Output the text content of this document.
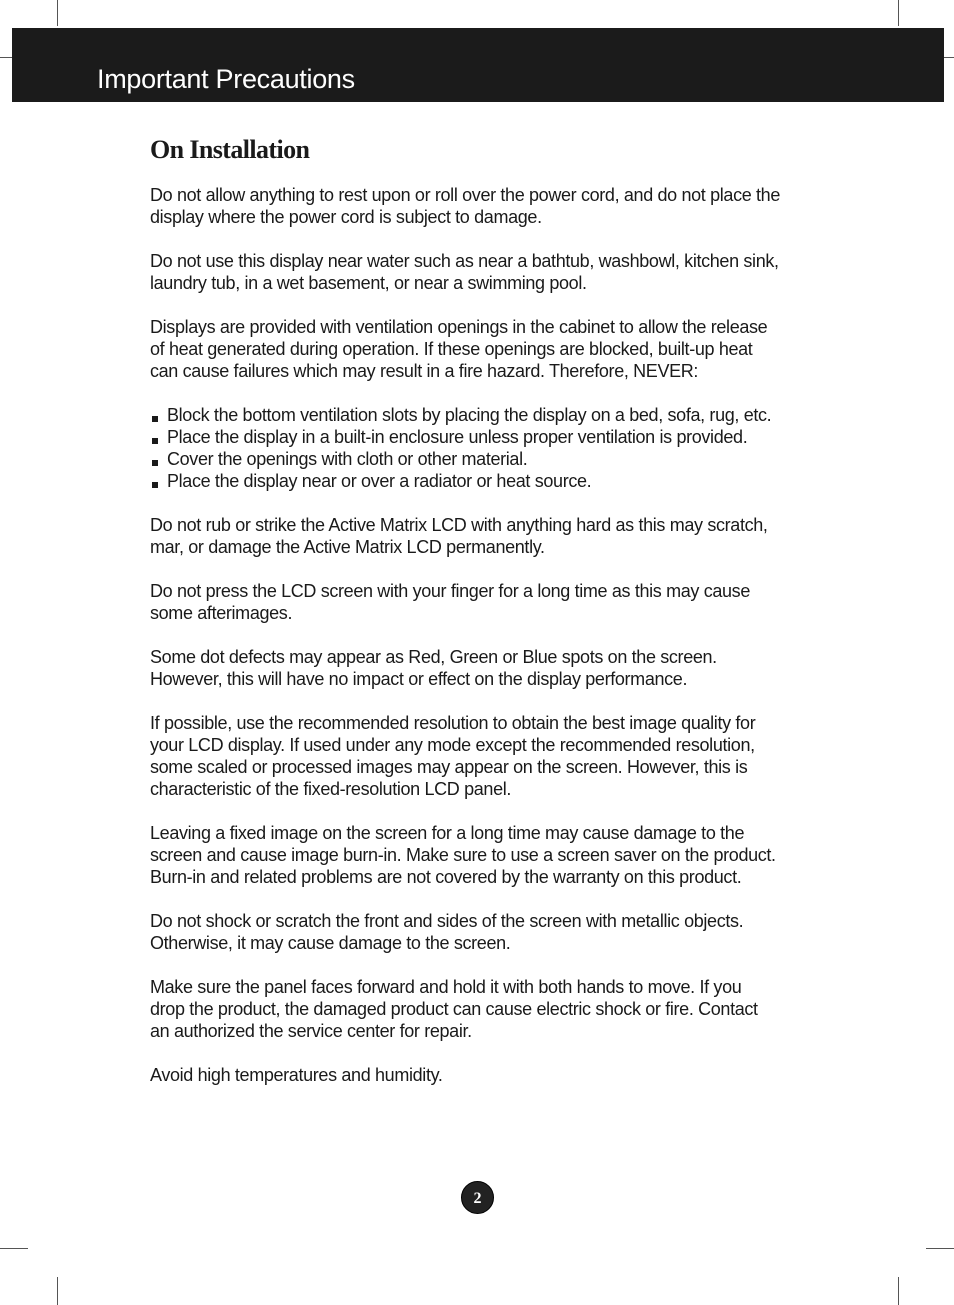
Important Precautions
On Installation

Do not allow anything to rest upon or roll over the power cord, and do not place the
display where the power cord is subject to damage.

Do not use this display near water such as near a bathtub, washbowl, kitchen sink,
laundry tub, in a wet basement, or near a swimming pool.

Displays are provided with ventilation openings in the cabinet to allow the release
of heat generated during operation. If these openings are blocked, built-up heat
can cause failures which may result in a fire hazard. Therefore, NEVER:

Block the bottom ventilation slots by placing the display on a bed, sofa, rug, etc.
Place the display in a built-in enclosure unless proper ventilation is provided.
Cover the openings with cloth or other material.
Place the display near or over a radiator or heat source.

Do not rub or strike the Active Matrix LCD with anything hard as this may scratch,
mar, or damage the Active Matrix LCD permanently.

Do not press the LCD screen with your finger for a long time as this may cause
some afterimages.

Some dot defects may appear as Red, Green or Blue spots on the screen.
However, this will have no impact or effect on the display performance.

If possible, use the recommended resolution to obtain the best image quality for
your LCD display. If used under any mode except the recommended resolution,
some scaled or processed images may appear on the screen. However, this is
characteristic of the fixed-resolution LCD panel.

Leaving a fixed image on the screen for a long time may cause damage to the
screen and cause image burn-in. Make sure to use a screen saver on the product.
Burn-in and related problems are not covered by the warranty on this product.

Do not shock or scratch the front and sides of the screen with metallic objects.
Otherwise, it may cause damage to the screen.

Make sure the panel faces forward and hold it with both hands to move. If you
drop the product, the damaged product can cause electric shock or fire. Contact
an authorized the service center for repair.

Avoid high temperatures and humidity.

2
